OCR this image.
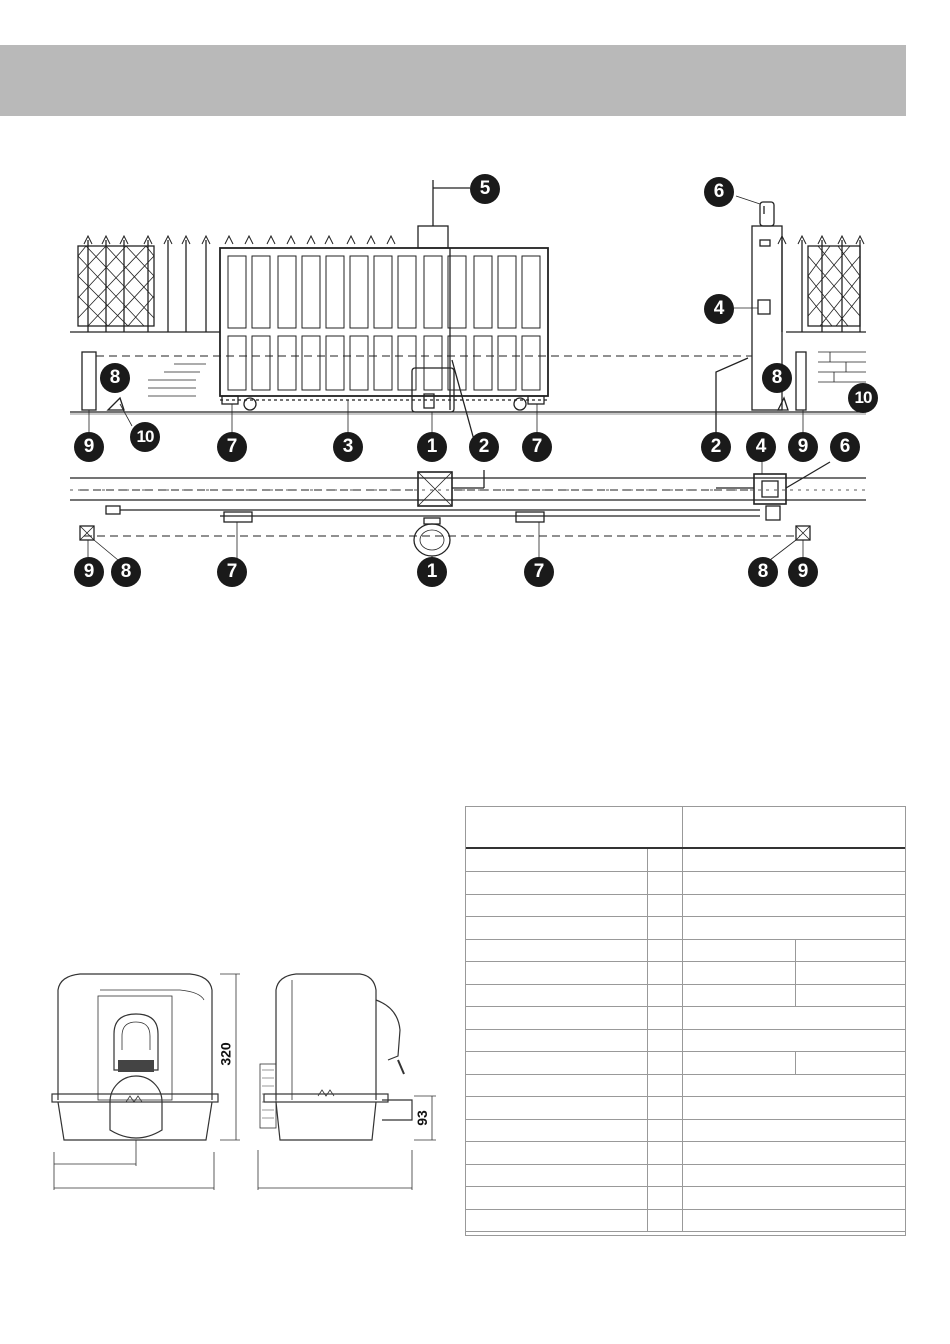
5	6
4
8	8
10
9	10	7	3	1	2	7	2	4	6
9
9	8	7	1	7	8	9
320
93
